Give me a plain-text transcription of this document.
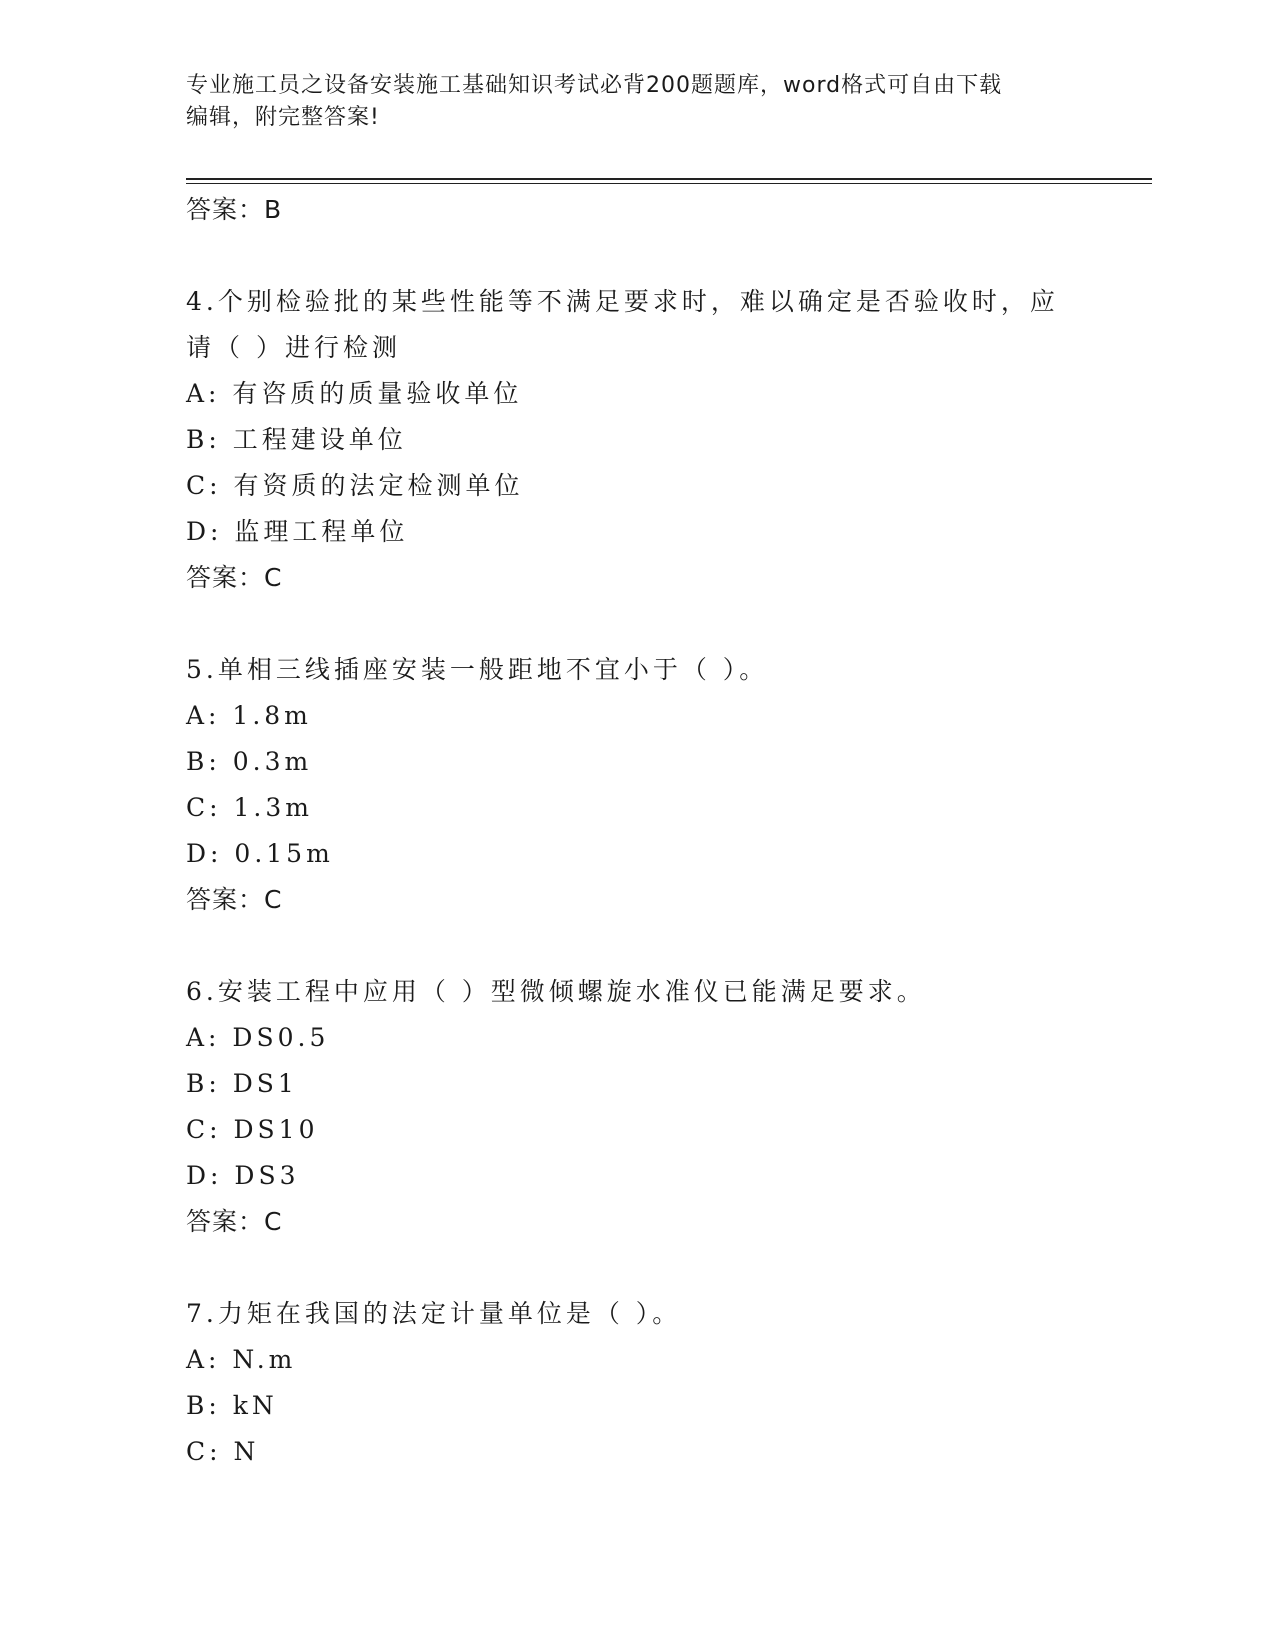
专业施工员之设备安装施工基础知识考试必背200题题库，word格式可自由下载
编辑，附完整答案!
答案：B
4.个别检验批的某些性能等不满足要求时，难以确定是否验收时，应
请（ ）进行检测
A: 有咨质的质量验收单位
B: 工程建设单位
C: 有资质的法定检测单位
D: 监理工程单位
答案：C
5.单相三线插座安装一般距地不宜小于（ ）。
A: 1.8m
B: 0.3m
C: 1.3m
D: 0.15m
答案：C
6.安装工程中应用（ ）型微倾螺旋水准仪已能满足要求。
A: DS0.5
B: DS1
C: DS10
D: DS3
答案：C
7.力矩在我国的法定计量单位是（ ）。
A: N.m
B: kN
C: N
